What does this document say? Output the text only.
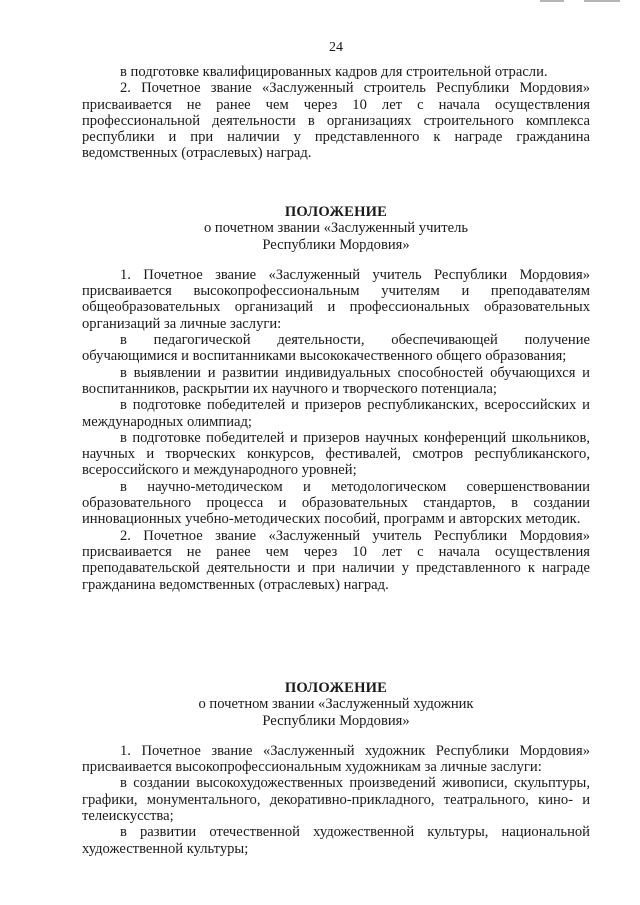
24

в подготовке квалифицированных кадров для строительной отрасли.

2. Почетное звание «Заслуженный строитель Республики Мордовия» присваивается не ранее чем через 10 лет с начала осуществления профессиональной деятельности в организациях строительного комплекса республики и при наличии у представленного к награде гражданина ведомственных (отраслевых) наград.

ПОЛОЖЕНИЕ

о почетном звании «Заслуженный учитель

Республики Мордовия»

1. Почетное звание «Заслуженный учитель Республики Мордовия» присваивается высокопрофессиональным учителям и преподавателям общеобразовательных организаций и профессиональных образовательных организаций за личные заслуги:

в педагогической деятельности, обеспечивающей получение обучающимися и воспитанниками высококачественного общего образования;

в выявлении и развитии индивидуальных способностей обучающихся и воспитанников, раскрытии их научного и творческого потенциала;

в подготовке победителей и призеров республиканских, всероссийских и международных олимпиад;

в подготовке победителей и призеров научных конференций школьников, научных и творческих конкурсов, фестивалей, смотров республиканского, всероссийского и международного уровней;

в научно-методическом и методологическом совершенствовании образовательного процесса и образовательных стандартов, в создании инновационных учебно-методических пособий, программ и авторских методик.

2. Почетное звание «Заслуженный учитель Республики Мордовия» присваивается не ранее чем через 10 лет с начала осуществления преподавательской деятельности и при наличии у представленного к награде гражданина ведомственных (отраслевых) наград.

ПОЛОЖЕНИЕ

о почетном звании «Заслуженный художник

Республики Мордовия»

1. Почетное звание «Заслуженный художник Республики Мордовия» присваивается высокопрофессиональным художникам за личные заслуги:

в создании высокохудожественных произведений живописи, скульптуры, графики, монументального, декоративно-прикладного, театрального, кино- и телеискусства;

в развитии отечественной художественной культуры, национальной художественной культуры;
